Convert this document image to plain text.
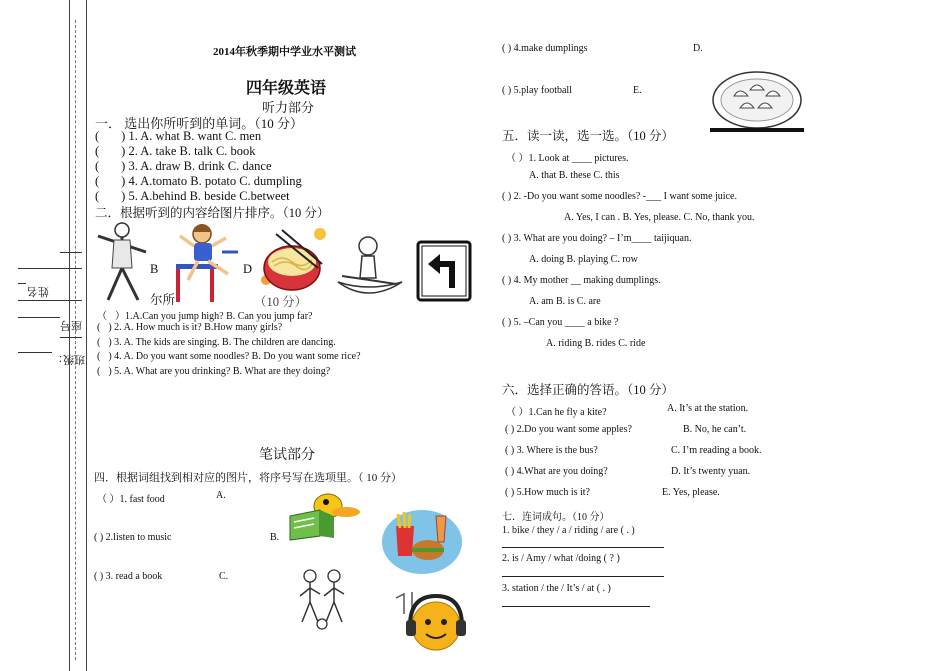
姓名
座号
班级：
2014年秋季期中学业水平测试
四年级英语
听力部分
一． 选出你所听到的单词。（10 分）
( ) 1. A. what B. want C. men
( ) 2. A. take B. talk C. book
( ) 3. A. draw B. drink C. dance
( ) 4. A.tomato B. potato C. dumpling
( ) 5. A.behind B. beside C.betweet
二．根据听到的内容给图片排序。（10 分）
B	D
尔所	（10 分）
（ ）1.A.Can you jump high? B. Can you jump far?
( ) 2. A. How much is it? B.How many girls?
( ) 3. A. The kids are singing. B. The children are dancing.
( ) 4. A. Do you want some noodles? B. Do you want some rice?
( ) 5. A. What are you drinking? B. What are they doing?
笔试部分
四．根据词组找到相对应的图片，将序号写在选项里。（ 10 分）
（ ）1. fast food	A.
( ) 2.listen to music	B.
( ) 3. read a book	C.
( ) 4.make dumplings	D.
( ) 5.play football	E.
五．读一读，选一选。（10 分）
（ ）1. Look at ____ pictures.
A. that B. these C. this
( ) 2. -Do you want some noodles? -___ I want some juice.
A. Yes, I can . B. Yes, please. C. No, thank you.
( ) 3. What are you doing? – I’m____ taijiquan.
A. doing B. playing C. row
( ) 4. My mother __ making dumplings.
A. am B. is C. are
( ) 5. –Can you ____ a bike ?
A. riding B. rides C. ride
六．选择正确的答语。（10 分）
（ ）1.Can he fly a kite?	A. It’s at the station.
( ) 2.Do you want some apples?	B. No, he can’t.
( ) 3. Where is the bus?	C. I’m reading a book.
( ) 4.What are you doing?	D. It’s twenty yuan.
( ) 5.How much is it?	E. Yes, please.
七．连词成句。（10 分）
1. bike / they / a / riding / are ( . )
2. is / Amy / what /doing ( ? )
3. station / the / It’s / at ( . )
